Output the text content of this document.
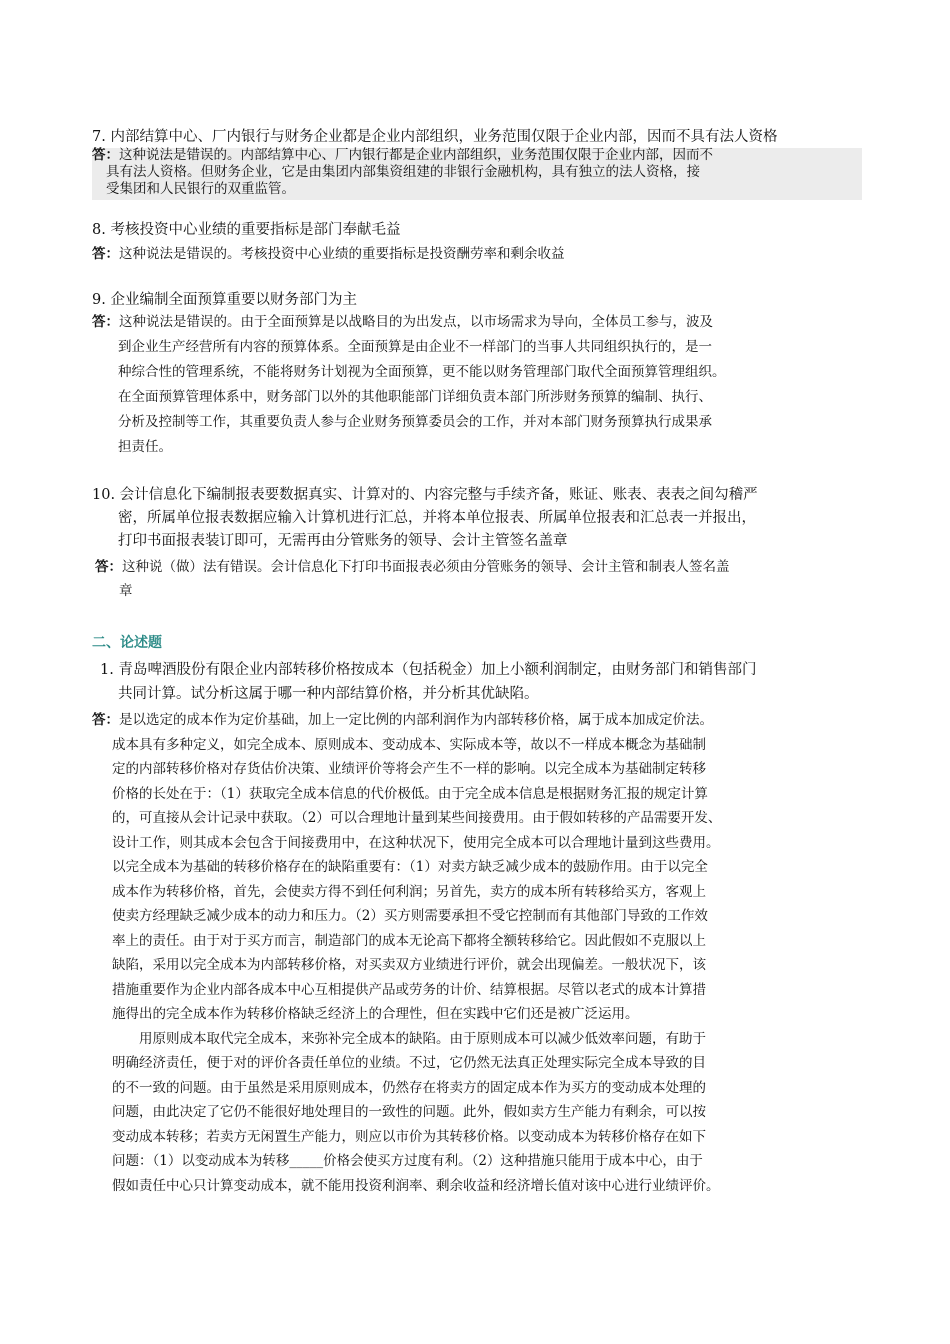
7. 内部结算中心、厂内银行与财务企业都是企业内部组织，业务范围仅限于企业内部，因而不具有法人资格
答：这种说法是错误的。内部结算中心、厂内银行都是企业内部组织，业务范围仅限于企业内部，因而不
具有法人资格。但财务企业，它是由集团内部集资组建的非银行金融机构，具有独立的法人资格，接
受集团和人民银行的双重监管。
8. 考核投资中心业绩的重要指标是部门奉献毛益
答：这种说法是错误的。考核投资中心业绩的重要指标是投资酬劳率和剩余收益
9. 企业编制全面预算重要以财务部门为主
答：这种说法是错误的。由于全面预算是以战略目的为出发点，以市场需求为导向，全体员工参与，波及
到企业生产经营所有内容的预算体系。全面预算是由企业不一样部门的当事人共同组织执行的，是一
种综合性的管理系统，不能将财务计划视为全面预算，更不能以财务管理部门取代全面预算管理组织。
在全面预算管理体系中，财务部门以外的其他职能部门详细负责本部门所涉财务预算的编制、执行、
分析及控制等工作，其重要负责人参与企业财务预算委员会的工作，并对本部门财务预算执行成果承
担责任。
10. 会计信息化下编制报表要数据真实、计算对的、内容完整与手续齐备，账证、账表、表表之间勾稽严
密，所属单位报表数据应输入计算机进行汇总，并将本单位报表、所属单位报表和汇总表一并报出，
打印书面报表装订即可，无需再由分管账务的领导、会计主管签名盖章
答：这种说（做）法有错误。会计信息化下打印书面报表必须由分管账务的领导、会计主管和制表人签名盖
章
二、论述题
1. 青岛啤酒股份有限企业内部转移价格按成本（包括税金）加上小额利润制定，由财务部门和销售部门
共同计算。试分析这属于哪一种内部结算价格，并分析其优缺陷。
答：是以选定的成本作为定价基础，加上一定比例的内部利润作为内部转移价格，属于成本加成定价法。
成本具有多种定义，如完全成本、原则成本、变动成本、实际成本等，故以不一样成本概念为基础制
定的内部转移价格对存货估价决策、业绩评价等将会产生不一样的影响。以完全成本为基础制定转移
价格的长处在于：（1）获取完全成本信息的代价极低。由于完全成本信息是根据财务汇报的规定计算
的，可直接从会计记录中获取。（2）可以合理地计量到某些间接费用。由于假如转移的产品需要开发、
设计工作，则其成本会包含于间接费用中，在这种状况下，使用完全成本可以合理地计量到这些费用。
以完全成本为基础的转移价格存在的缺陷重要有：（1）对卖方缺乏减少成本的鼓励作用。由于以完全
成本作为转移价格，首先，会使卖方得不到任何利润；另首先，卖方的成本所有转移给买方，客观上
使卖方经理缺乏减少成本的动力和压力。（2）买方则需要承担不受它控制而有其他部门导致的工作效
率上的责任。由于对于买方而言，制造部门的成本无论高下都将全额转移给它。因此假如不克服以上
缺陷，采用以完全成本为内部转移价格，对买卖双方业绩进行评价，就会出现偏差。一般状况下，该
措施重要作为企业内部各成本中心互相提供产品或劳务的计价、结算根据。尽管以老式的成本计算措
施得出的完全成本作为转移价格缺乏经济上的合理性，但在实践中它们还是被广泛运用。
　　用原则成本取代完全成本，来弥补完全成本的缺陷。由于原则成本可以减少低效率问题，有助于
明确经济责任，便于对的评价各责任单位的业绩。不过，它仍然无法真正处理实际完全成本导致的目
的不一致的问题。由于虽然是采用原则成本，仍然存在将卖方的固定成本作为买方的变动成本处理的
问题，由此决定了它仍不能很好地处理目的一致性的问题。此外，假如卖方生产能力有剩余，可以按
变动成本转移；若卖方无闲置生产能力，则应以市价为其转移价格。以变动成本为转移价格存在如下
问题：（1）以变动成本为转移_____价格会使买方过度有利。（2）这种措施只能用于成本中心，由于
假如责任中心只计算变动成本，就不能用投资利润率、剩余收益和经济增长值对该中心进行业绩评价。
